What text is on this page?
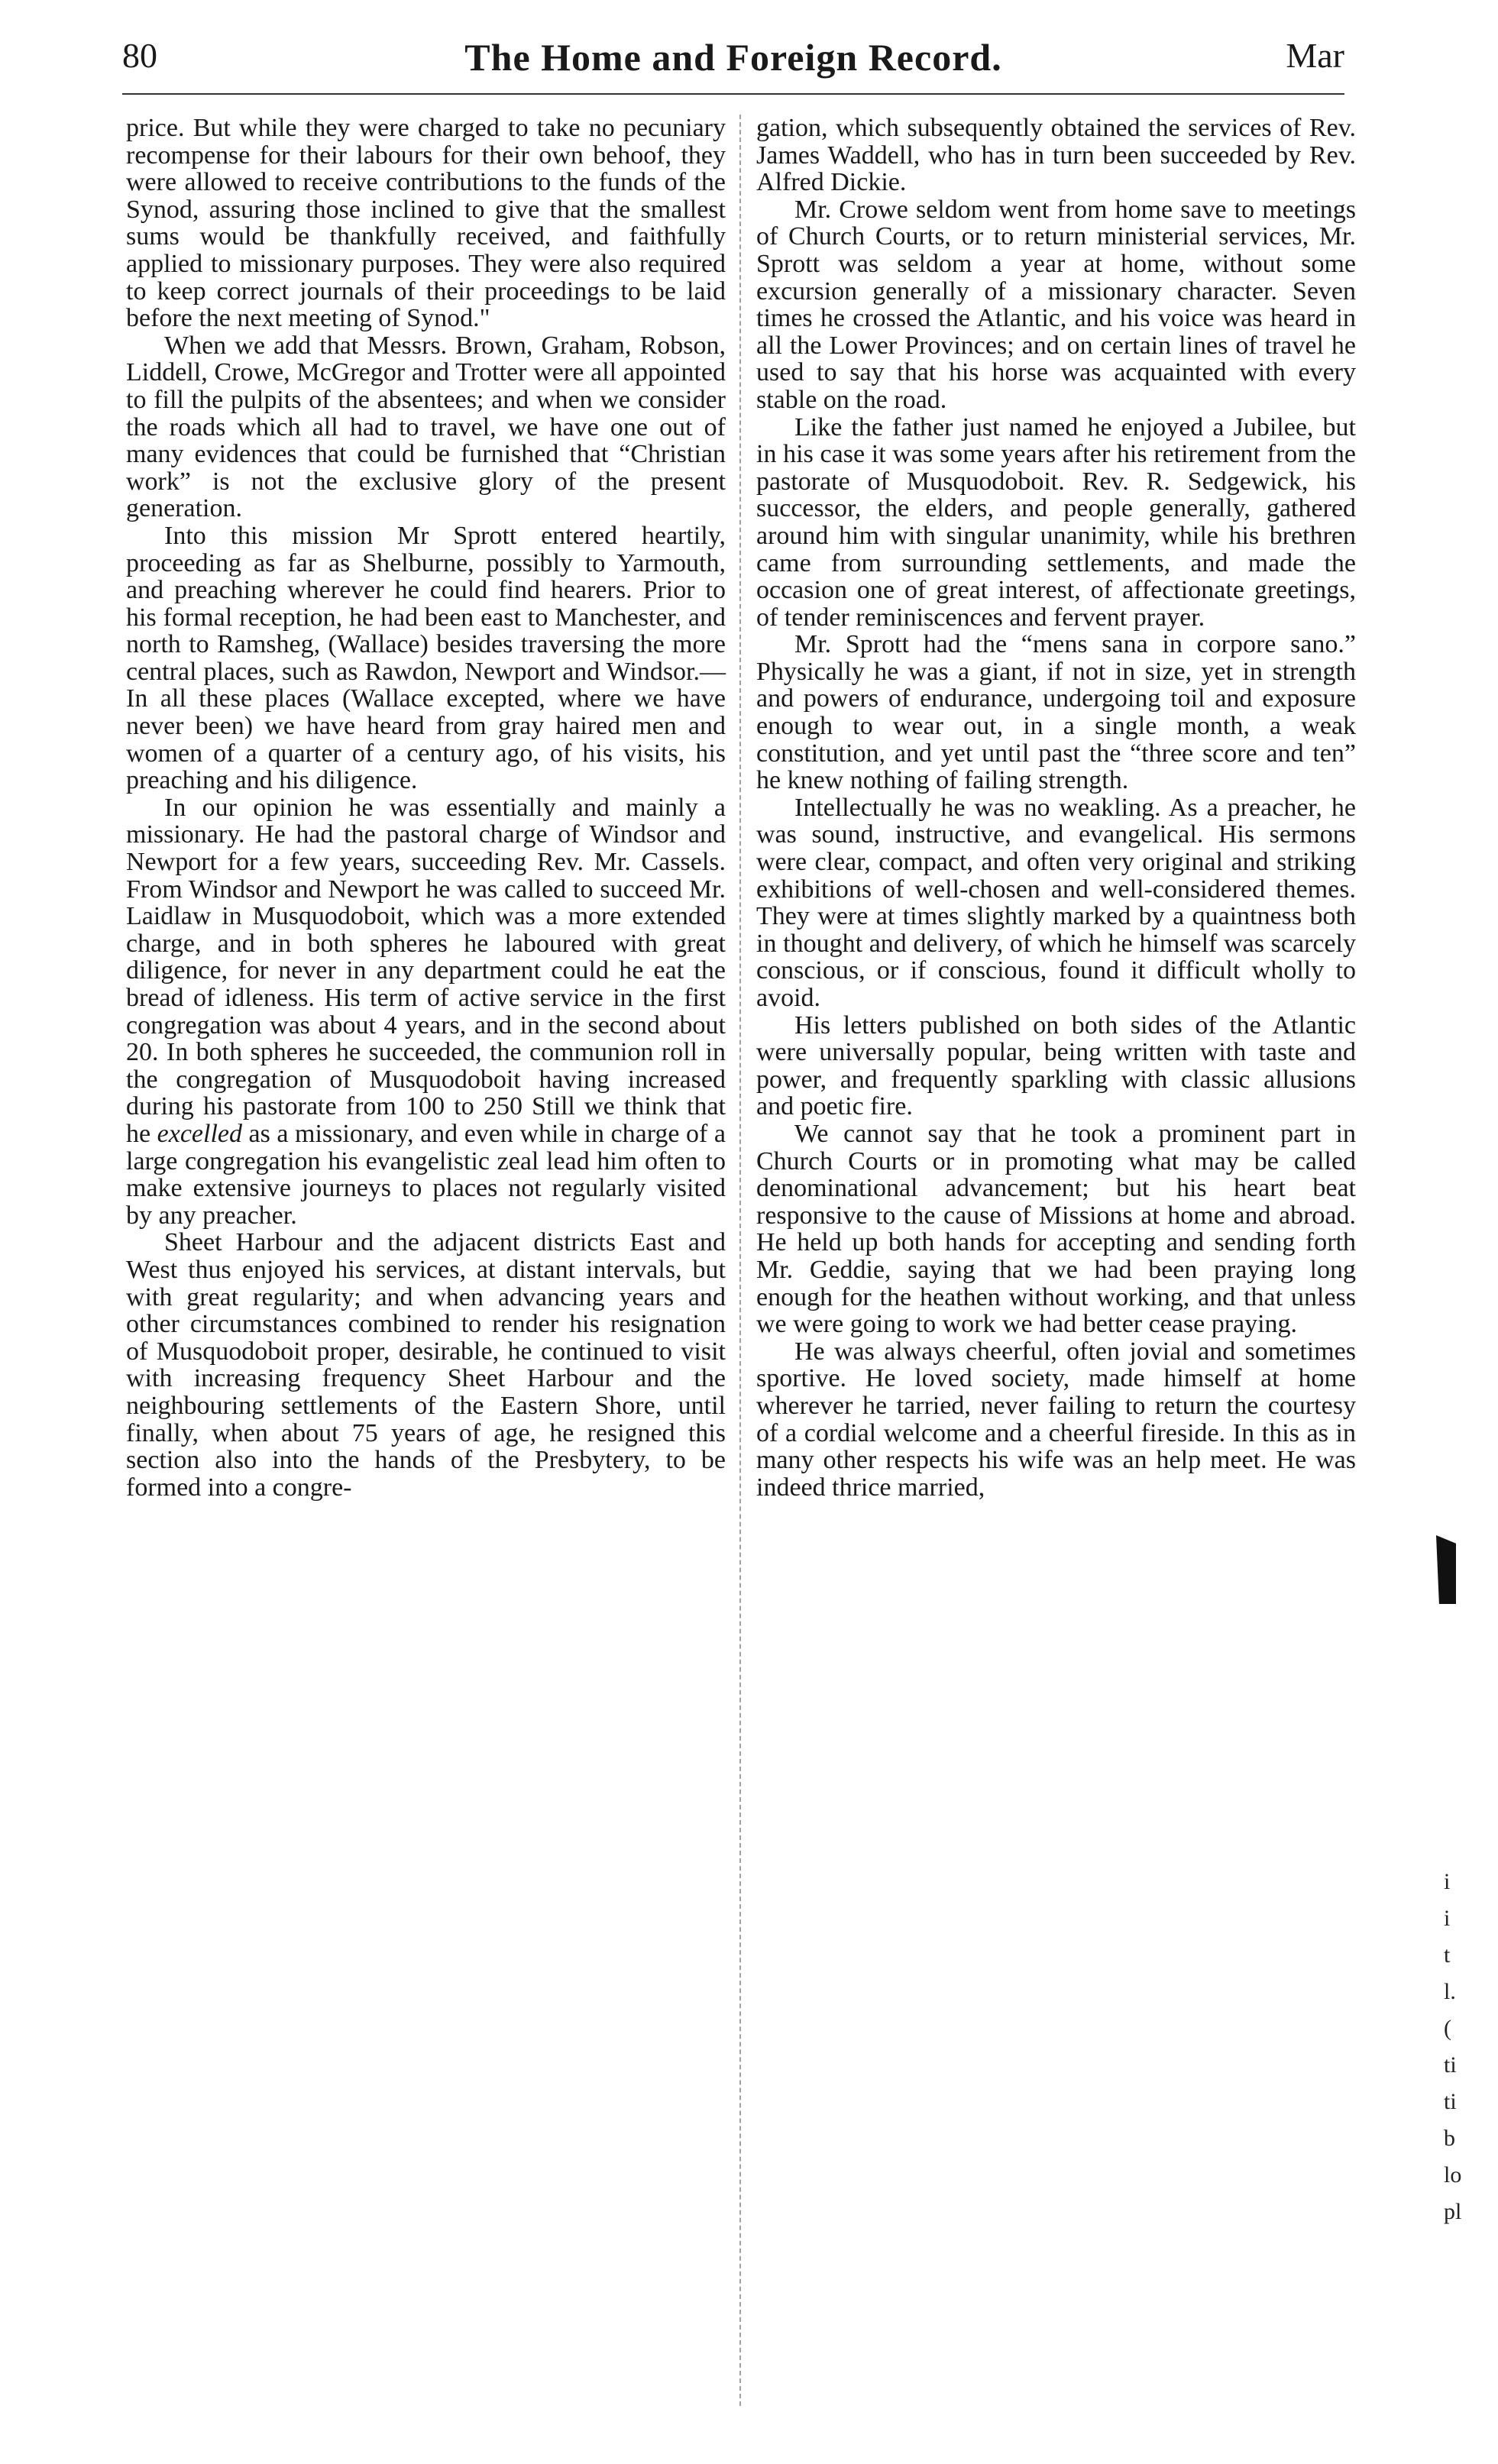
80	The Home and Foreign Record.	Mar

price. But while they were charged to take no pecuniary recompense for their labours for their own behoof, they were allowed to receive contributions to the funds of the Synod, assuring those inclined to give that the smallest sums would be thankfully received, and faithfully applied to missionary purposes. They were also required to keep correct journals of their proceedings to be laid before the next meeting of Synod."

When we add that Messrs. Brown, Graham, Robson, Liddell, Crowe, McGregor and Trotter were all appointed to fill the pulpits of the absentees; and when we consider the roads which all had to travel, we have one out of many evidences that could be furnished that “Christian work” is not the exclusive glory of the present generation.

Into this mission Mr Sprott entered heartily, proceeding as far as Shelburne, possibly to Yarmouth, and preaching wherever he could find hearers. Prior to his formal reception, he had been east to Manchester, and north to Ramsheg, (Wallace) besides traversing the more central places, such as Rawdon, Newport and Windsor.—In all these places (Wallace excepted, where we have never been) we have heard from gray haired men and women of a quarter of a century ago, of his visits, his preaching and his diligence.

In our opinion he was essentially and mainly a missionary. He had the pastoral charge of Windsor and Newport for a few years, succeeding Rev. Mr. Cassels. From Windsor and Newport he was called to succeed Mr. Laidlaw in Musquodoboit, which was a more extended charge, and in both spheres he laboured with great diligence, for never in any department could he eat the bread of idleness. His term of active service in the first congregation was about 4 years, and in the second about 20. In both spheres he succeeded, the communion roll in the congregation of Musquodoboit having increased during his pastorate from 100 to 250 Still we think that he excelled as a missionary, and even while in charge of a large congregation his evangelistic zeal lead him often to make extensive journeys to places not regularly visited by any preacher.

Sheet Harbour and the adjacent districts East and West thus enjoyed his services, at distant intervals, but with great regularity; and when advancing years and other circumstances combined to render his resignation of Musquodoboit proper, desirable, he continued to visit with increasing frequency Sheet Harbour and the neighbouring settlements of the Eastern Shore, until finally, when about 75 years of age, he resigned this section also into the hands of the Presbytery, to be formed into a congre-

gation, which subsequently obtained the services of Rev. James Waddell, who has in turn been succeeded by Rev. Alfred Dickie.

Mr. Crowe seldom went from home save to meetings of Church Courts, or to return ministerial services, Mr. Sprott was seldom a year at home, without some excursion generally of a missionary character. Seven times he crossed the Atlantic, and his voice was heard in all the Lower Provinces; and on certain lines of travel he used to say that his horse was acquainted with every stable on the road.

Like the father just named he enjoyed a Jubilee, but in his case it was some years after his retirement from the pastorate of Musquodoboit. Rev. R. Sedgewick, his successor, the elders, and people generally, gathered around him with singular unanimity, while his brethren came from surrounding settlements, and made the occasion one of great interest, of affectionate greetings, of tender reminiscences and fervent prayer.

Mr. Sprott had the “mens sana in corpore sano.” Physically he was a giant, if not in size, yet in strength and powers of endurance, undergoing toil and exposure enough to wear out, in a single month, a weak constitution, and yet until past the “three score and ten” he knew nothing of failing strength.

Intellectually he was no weakling. As a preacher, he was sound, instructive, and evangelical. His sermons were clear, compact, and often very original and striking exhibitions of well-chosen and well-considered themes. They were at times slightly marked by a quaintness both in thought and delivery, of which he himself was scarcely conscious, or if conscious, found it difficult wholly to avoid.

His letters published on both sides of the Atlantic were universally popular, being written with taste and power, and frequently sparkling with classic allusions and poetic fire.

We cannot say that he took a prominent part in Church Courts or in promoting what may be called denominational advancement; but his heart beat responsive to the cause of Missions at home and abroad. He held up both hands for accepting and sending forth Mr. Geddie, saying that we had been praying long enough for the heathen without working, and that unless we were going to work we had better cease praying.

He was always cheerful, often jovial and sometimes sportive. He loved society, made himself at home wherever he tarried, never failing to return the courtesy of a cordial welcome and a cheerful fireside. In this as in many other respects his wife was an help meet. He was indeed thrice married,

i
i
t
l.
(
ti
ti
b
lo
pl
